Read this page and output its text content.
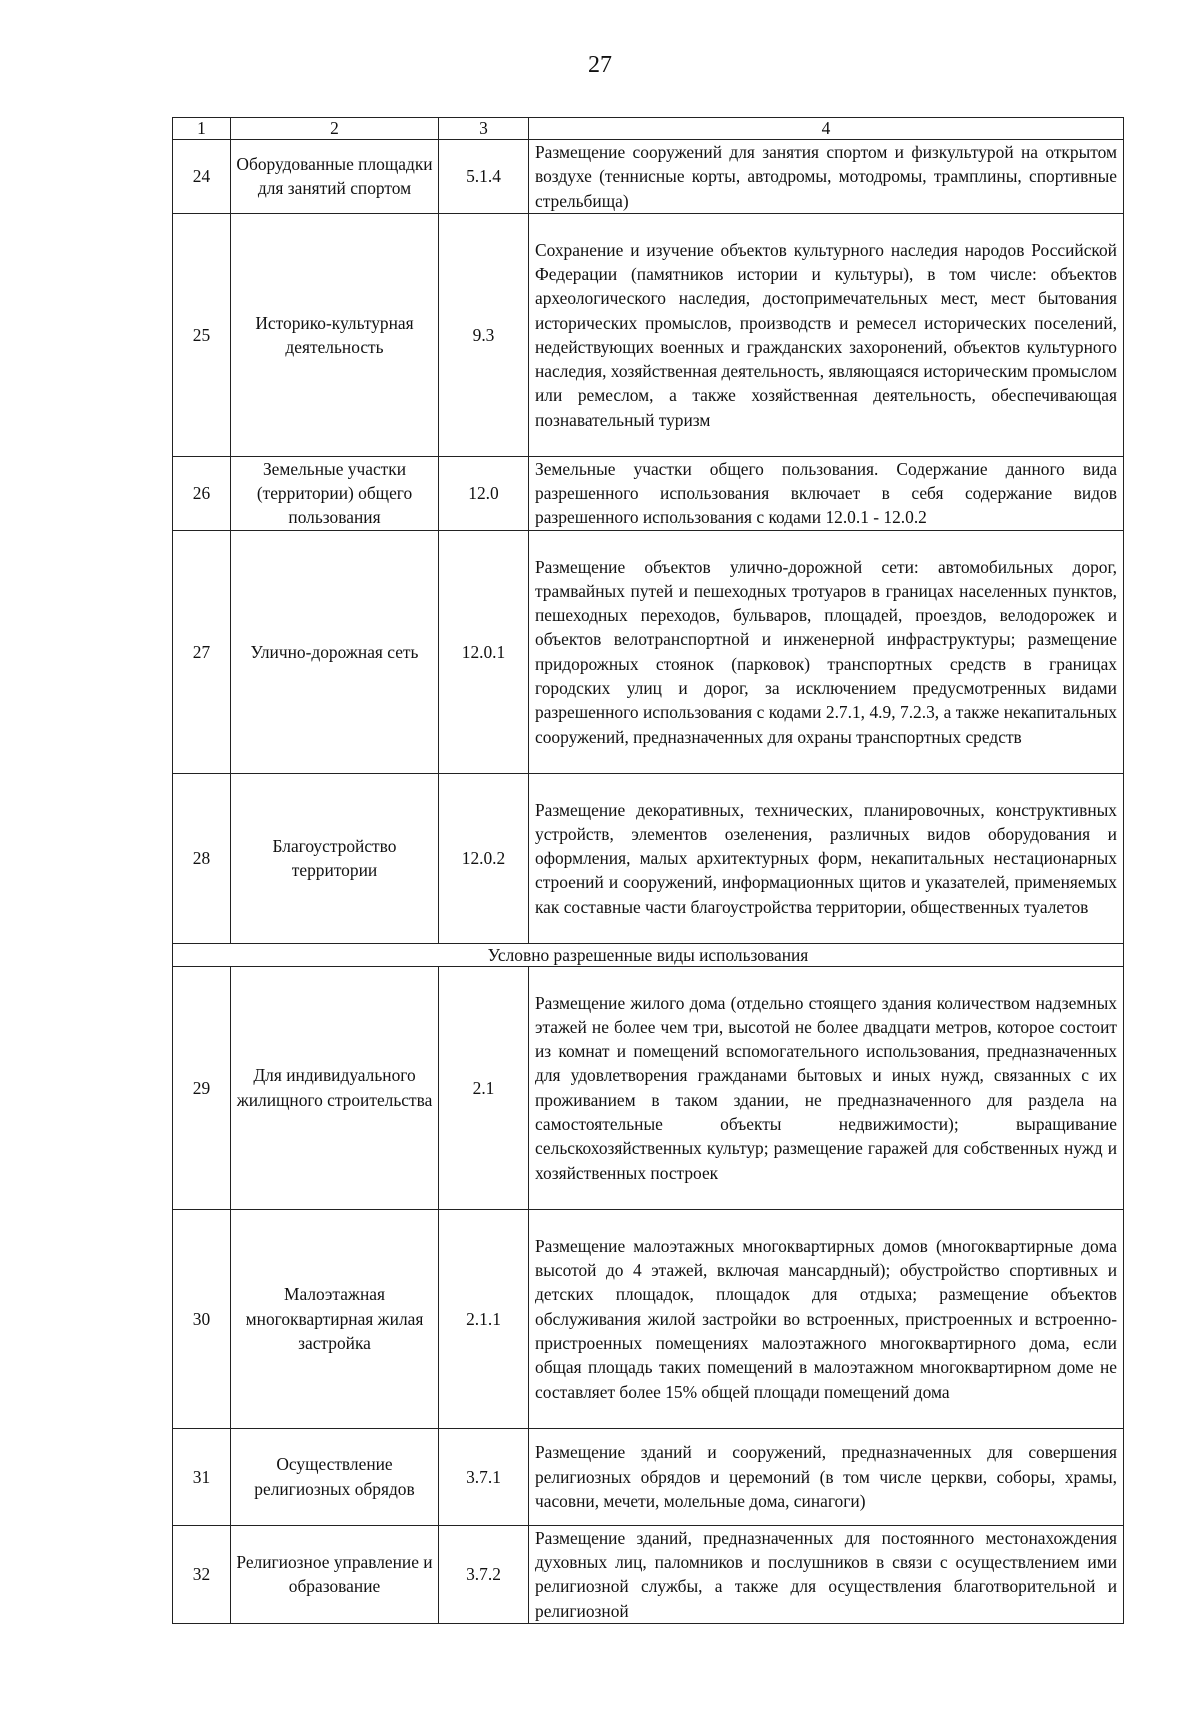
27
1	2	3	4
24	Оборудованные площадки для занятий спортом	5.1.4	Размещение сооружений для занятия спортом и физкультурой на открытом воздухе (теннисные корты, автодромы, мотодромы, трамплины, спортивные стрельбища)
25	Историко-культурная деятельность	9.3	Сохранение и изучение объектов культурного наследия народов Российской Федерации (памятников истории и культуры), в том числе: объектов археологического наследия, достопримечательных мест, мест бытования исторических промыслов, производств и ремесел исторических поселений, недействующих военных и гражданских захоронений, объектов культурного наследия, хозяйственная деятельность, являющаяся историческим промыслом или ремеслом, а также хозяйственная деятельность, обеспечивающая познавательный туризм
26	Земельные участки (территории) общего пользования	12.0	Земельные участки общего пользования. Содержание данного вида разрешенного использования включает в себя содержание видов разрешенного использования с кодами 12.0.1 - 12.0.2
27	Улично-дорожная сеть	12.0.1	Размещение объектов улично-дорожной сети: автомобильных дорог, трамвайных путей и пешеходных тротуаров в границах населенных пунктов, пешеходных переходов, бульваров, площадей, проездов, велодорожек и объектов велотранспортной и инженерной инфраструктуры; размещение придорожных стоянок (парковок) транспортных средств в границах городских улиц и дорог, за исключением предусмотренных видами разрешенного использования с кодами 2.7.1, 4.9, 7.2.3, а также некапитальных сооружений, предназначенных для охраны транспортных средств
28	Благоустройство территории	12.0.2	Размещение декоративных, технических, планировочных, конструктивных устройств, элементов озеленения, различных видов оборудования и оформления, малых архитектурных форм, некапитальных нестационарных строений и сооружений, информационных щитов и указателей, применяемых как составные части благоустройства территории, общественных туалетов
Условно разрешенные виды использования			
29	Для индивидуального жилищного строительства	2.1	Размещение жилого дома (отдельно стоящего здания количеством надземных этажей не более чем три, высотой не более двадцати метров, которое состоит из комнат и помещений вспомогательного использования, предназначенных для удовлетворения гражданами бытовых и иных нужд, связанных с их проживанием в таком здании, не предназначенного для раздела на самостоятельные объекты недвижимости); выращивание сельскохозяйственных культур; размещение гаражей для собственных нужд и хозяйственных построек
30	Малоэтажная многоквартирная жилая застройка	2.1.1	Размещение малоэтажных многоквартирных домов (многоквартирные дома высотой до 4 этажей, включая мансардный); обустройство спортивных и детских площадок, площадок для отдыха; размещение объектов обслуживания жилой застройки во встроенных, пристроенных и встроенно-пристроенных помещениях малоэтажного многоквартирного дома, если общая площадь таких помещений в малоэтажном многоквартирном доме не составляет более 15% общей площади помещений дома
31	Осуществление религиозных обрядов	3.7.1	Размещение зданий и сооружений, предназначенных для совершения религиозных обрядов и церемоний (в том числе церкви, соборы, храмы, часовни, мечети, молельные дома, синагоги)
32	Религиозное управление и образование	3.7.2	Размещение зданий, предназначенных для постоянного местонахождения духовных лиц, паломников и послушников в связи с осуществлением ими религиозной службы, а также для осуществления благотворительной и религиозной
